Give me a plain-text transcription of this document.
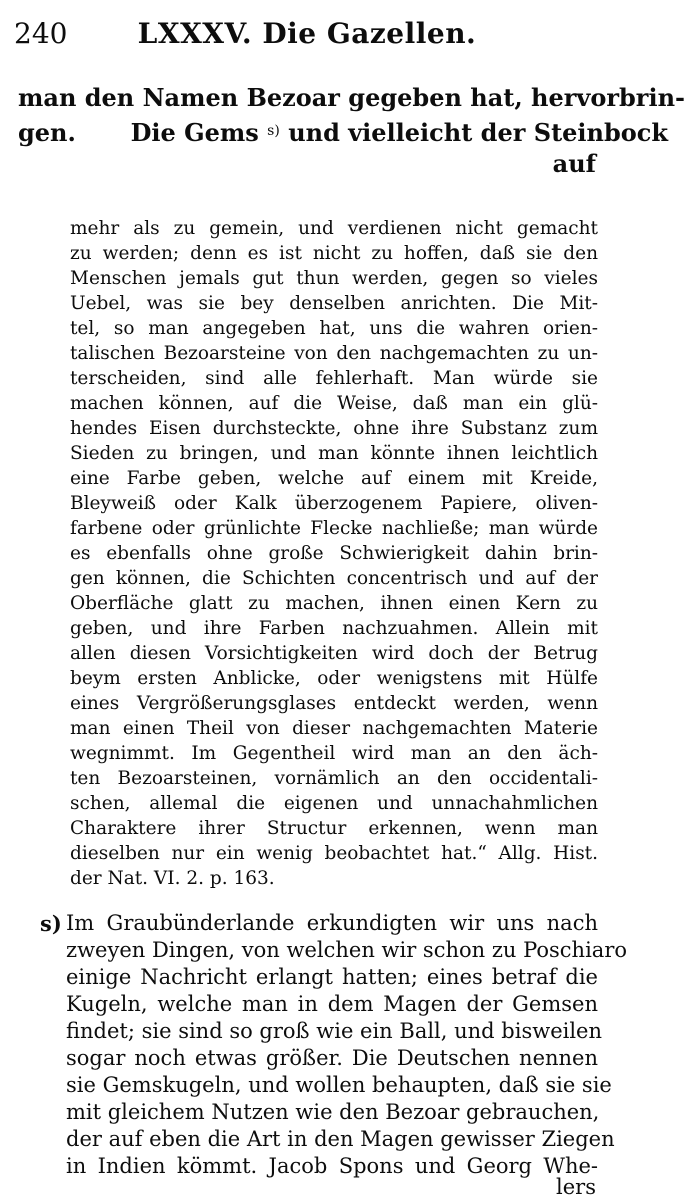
240	LXXXV. Die Gazellen.
man den Namen Bezoar gegeben hat, hervorbrin-
gen. Die Gems $^{s)}$ und vielleicht der Steinbock
auf
mehr als zu gemein, und verdienen nicht gemacht
zu werden; denn es ist nicht zu hoffen, daß sie den
Menschen jemals gut thun werden, gegen so vieles
Uebel, was sie bey denselben anrichten. Die Mit-
tel, so man angegeben hat, uns die wahren orien-
talischen Bezoarsteine von den nachgemachten zu un-
terscheiden, sind alle fehlerhaft. Man würde sie
machen können, auf die Weise, daß man ein glü-
hendes Eisen durchsteckte, ohne ihre Substanz zum
Sieden zu bringen, und man könnte ihnen leichtlich
eine Farbe geben, welche auf einem mit Kreide,
Bleyweiß oder Kalk überzogenem Papiere, oliven-
farbene oder grünlichte Flecke nachließe; man würde
es ebenfalls ohne große Schwierigkeit dahin brin-
gen können, die Schichten concentrisch und auf der
Oberfläche glatt zu machen, ihnen einen Kern zu
geben, und ihre Farben nachzuahmen. Allein mit
allen diesen Vorsichtigkeiten wird doch der Betrug
beym ersten Anblicke, oder wenigstens mit Hülfe
eines Vergrößerungsglases entdeckt werden, wenn
man einen Theil von dieser nachgemachten Materie
wegnimmt. Im Gegentheil wird man an den äch-
ten Bezoarsteinen, vornämlich an den occidentali-
schen, allemal die eigenen und unnachahmlichen
Charaktere ihrer Structur erkennen, wenn man
dieselben nur ein wenig beobachtet hat.“ Allg. Hist.
der Nat. VI. 2. p. 163.
s) Im Graubünderlande erkundigten wir uns nach
zweyen Dingen, von welchen wir schon zu Poschiaro
einige Nachricht erlangt hatten; eines betraf die
Kugeln, welche man in dem Magen der Gemsen
findet; sie sind so groß wie ein Ball, und bisweilen
sogar noch etwas größer. Die Deutschen nennen
sie Gemskugeln, und wollen behaupten, daß sie sie
mit gleichem Nutzen wie den Bezoar gebrauchen,
der auf eben die Art in den Magen gewisser Ziegen
in Indien kömmt. Jacob Spons und Georg Whe-
lers
